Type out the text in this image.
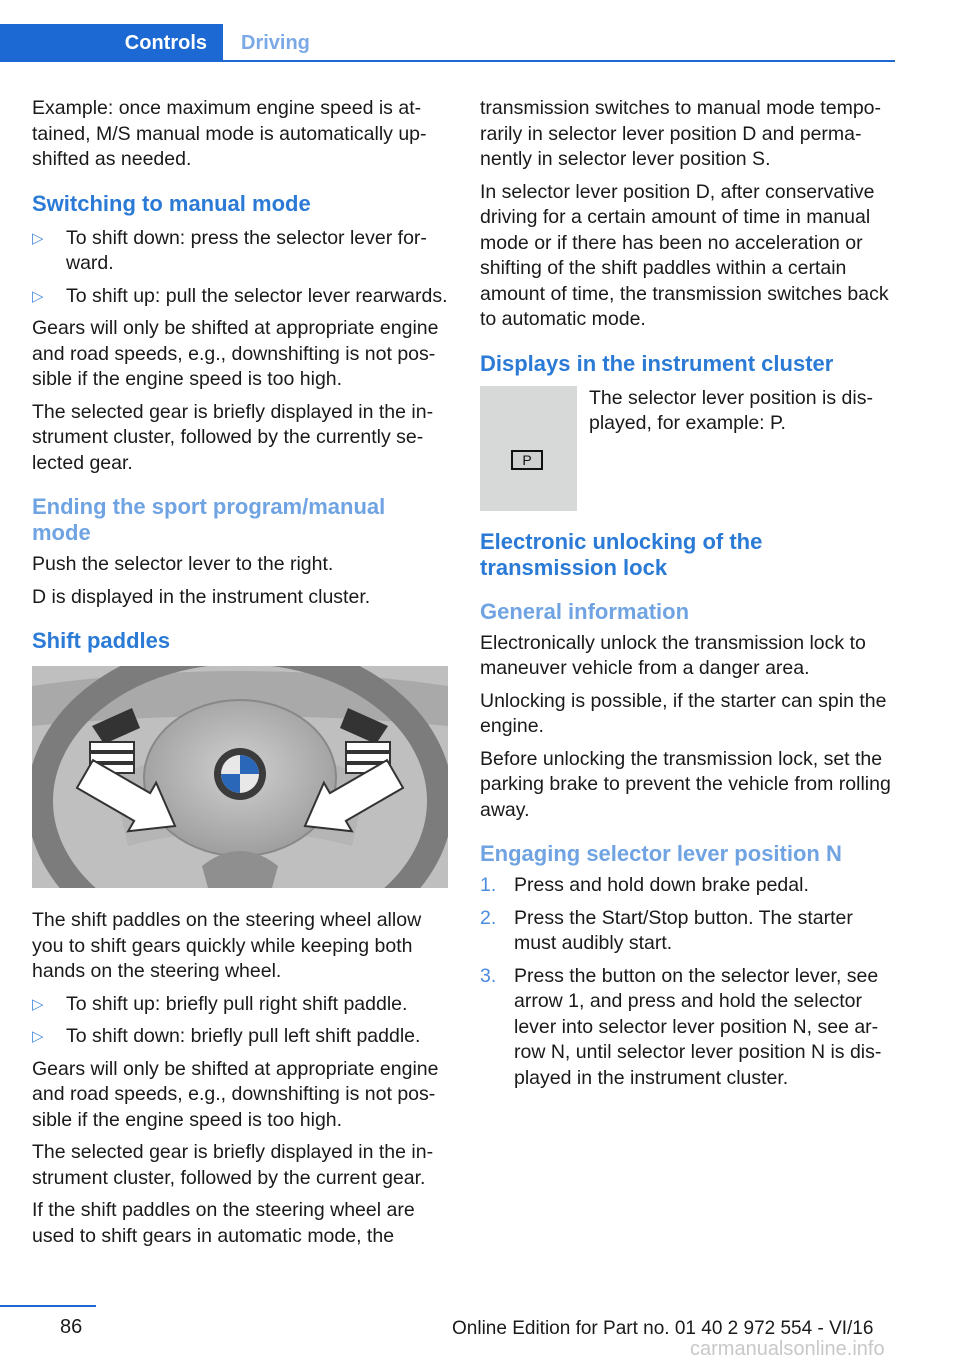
Controls	Driving

Example: once maximum engine speed is attained, M/S manual mode is automatically upshifted as needed.

Switching to manual mode
▷ To shift down: press the selector lever forward.
▷ To shift up: pull the selector lever rearwards.

Gears will only be shifted at appropriate engine and road speeds, e.g., downshifting is not possible if the engine speed is too high.

The selected gear is briefly displayed in the instrument cluster, followed by the currently selected gear.

Ending the sport program/manual mode

Push the selector lever to the right.

D is displayed in the instrument cluster.

Shift paddles

The shift paddles on the steering wheel allow you to shift gears quickly while keeping both hands on the steering wheel.

▷ To shift up: briefly pull right shift paddle.
▷ To shift down: briefly pull left shift paddle.

Gears will only be shifted at appropriate engine and road speeds, e.g., downshifting is not possible if the engine speed is too high.

The selected gear is briefly displayed in the instrument cluster, followed by the current gear.

If the shift paddles on the steering wheel are used to shift gears in automatic mode, the

transmission switches to manual mode temporarily in selector lever position D and permanently in selector lever position S.

In selector lever position D, after conservative driving for a certain amount of time in manual mode or if there has been no acceleration or shifting of the shift paddles within a certain amount of time, the transmission switches back to automatic mode.

Displays in the instrument cluster
P
The selector lever position is displayed, for example: P.
Electronic unlocking of the transmission lock
General information

Electronically unlock the transmission lock to maneuver vehicle from a danger area.

Unlocking is possible, if the starter can spin the engine.

Before unlocking the transmission lock, set the parking brake to prevent the vehicle from rolling away.

Engaging selector lever position N
1. Press and hold down brake pedal.
2. Press the Start/Stop button. The starter must audibly start.
3. Press the button on the selector lever, see arrow 1, and press and hold the selector lever into selector lever position N, see arrow N, until selector lever position N is displayed in the instrument cluster.
86	Online Edition for Part no. 01 40 2 972 554 - VI/16
carmanualsonline.info
